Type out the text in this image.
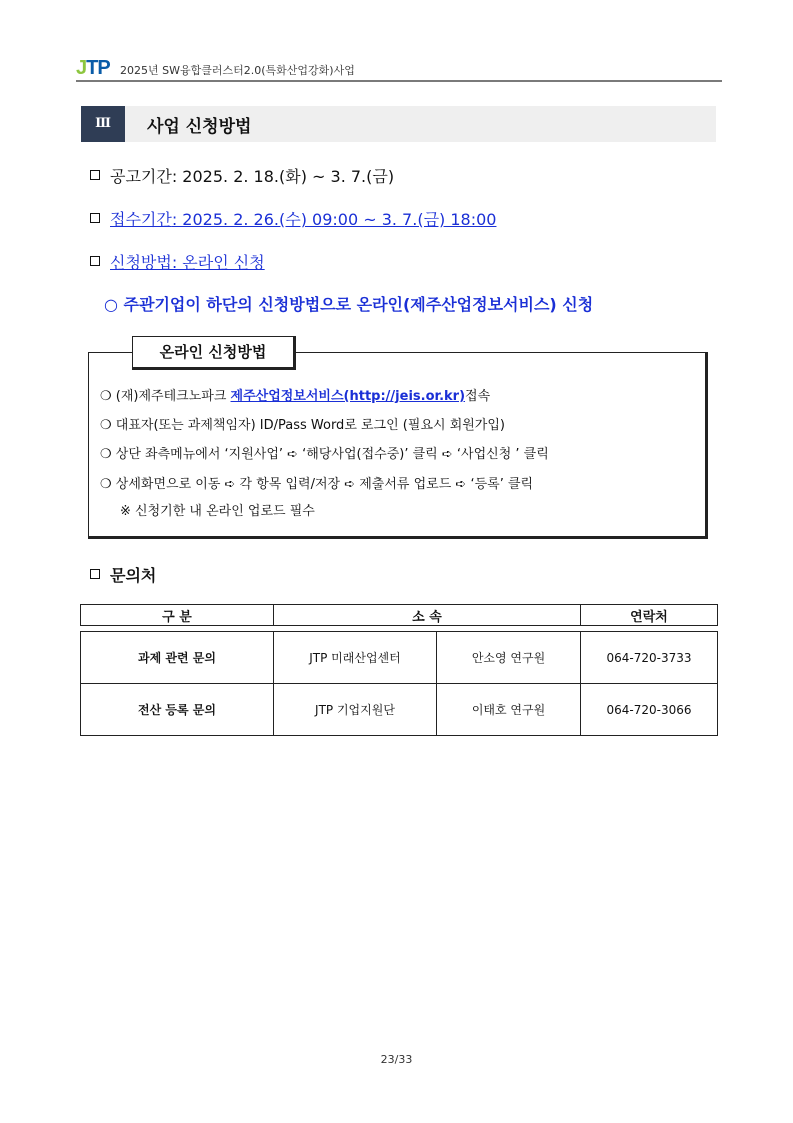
JTP 2025년 SW융합클러스터2.0(특화산업강화)사업
Ⅲ	사업 신청방법
공고기간: 2025. 2. 18.(화) ~ 3. 7.(금)
접수기간: 2025. 2. 26.(수) 09:00 ~ 3. 7.(금) 18:00
신청방법: 온라인 신청
○ 주관기업이 하단의 신청방법으로 온라인(제주산업정보서비스) 신청
온라인 신청방법
❍ (재)제주테크노파크 제주산업정보서비스(http://jeis.or.kr)접속
❍ 대표자(또는 과제책임자) ID/Pass Word로 로그인 (필요시 회원가입)
❍ 상단 좌측메뉴에서 ‘지원사업’ ➪ ‘해당사업(접수중)’ 클릭 ➪ ‘사업신청 ’ 클릭
❍ 상세화면으로 이동 ➪ 각 항목 입력/저장 ➪ 제출서류 업로드 ➪ ‘등록’ 클릭
※ 신청기한 내 온라인 업로드 필수
문의처
구 분	소 속	연락처
과제 관련 문의	JTP 미래산업센터	안소영 연구원	064-720-3733
전산 등록 문의	JTP 기업지원단	이태호 연구원	064-720-3066
23/33
